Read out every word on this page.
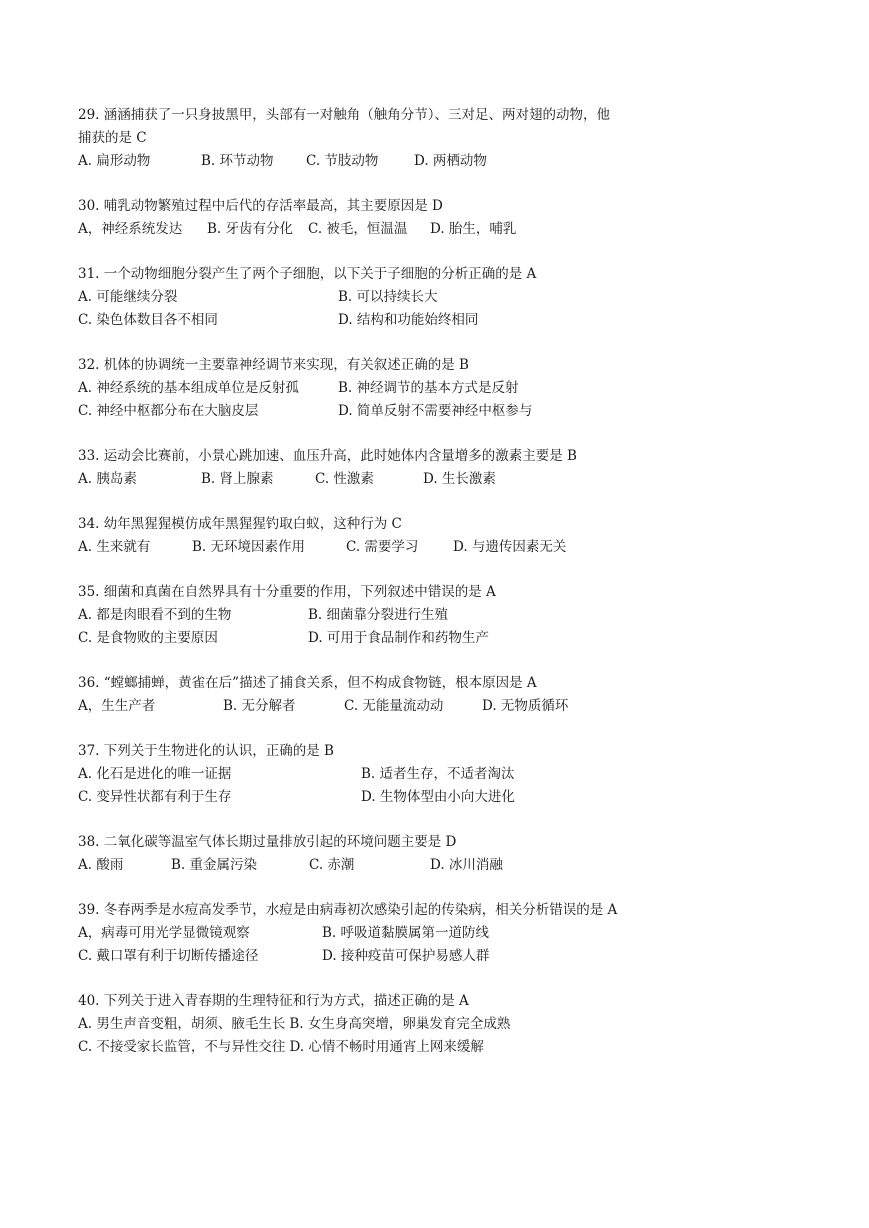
29. 涵涵捕获了一只身披黑甲，头部有一对触角（触角分节）、三对足、两对翅的动物，他
捕获的是 C
A. 扁形动物	B. 环节动物	C. 节肢动物	D. 两栖动物
30. 哺乳动物繁殖过程中后代的存活率最高，其主要原因是 D
A，神经系统发达	B. 牙齿有分化	C. 被毛，恒温温	D. 胎生，哺乳
31. 一个动物细胞分裂产生了两个子细胞，以下关于子细胞的分析正确的是 A
A. 可能继续分裂	B. 可以持续长大
C. 染色体数目各不相同	D. 结构和功能始终相同
32. 机体的协调统一主要靠神经调节来实现，有关叙述正确的是 B
A. 神经系统的基本组成单位是反射孤	B. 神经调节的基本方式是反射
C. 神经中枢都分布在大脑皮层	D. 简单反射不需要神经中枢参与
33. 运动会比赛前，小景心跳加速、血压升高，此时她体内含量增多的激素主要是 B
A. 胰岛素	B. 肾上腺素	C. 性激素	D. 生长激素
34. 幼年黑猩猩模仿成年黑猩猩钓取白蚁，这种行为 C
A. 生来就有	B. 无环境因素作用	C. 需要学习	D. 与遗传因素无关
35. 细菌和真菌在自然界具有十分重要的作用，下列叙述中错误的是 A
A. 都是肉眼看不到的生物	B. 细菌靠分裂进行生殖
C. 是食物败的主要原因	D. 可用于食品制作和药物生产
36. “螳螂捕蝉，黄雀在后”描述了捕食关系，但不构成食物链，根本原因是 A
A，生生产者	B. 无分解者	C. 无能量流动动	D. 无物质循环
37. 下列关于生物进化的认识，正确的是 B
A. 化石是进化的唯一证据	B. 适者生存，不适者淘汰
C. 变异性状都有利于生存	D. 生物体型由小向大进化
38. 二氧化碳等温室气体长期过量排放引起的环境问题主要是 D
A. 酸雨	B. 重金属污染	C. 赤潮	D. 冰川消融
39. 冬春两季是水痘高发季节，水痘是由病毒初次感染引起的传染病，相关分析错误的是 A
A，病毒可用光学显微镜观察	B. 呼吸道黏膜属第一道防线
C. 戴口罩有利于切断传播途径	D. 接种疫苗可保护易感人群
40. 下列关于进入青春期的生理特征和行为方式，描述正确的是 A
A. 男生声音变粗，胡须、腋毛生长 B. 女生身高突增，卵巢发育完全成熟
C. 不接受家长监管，不与异性交往 D. 心情不畅时用通宵上网来缓解
